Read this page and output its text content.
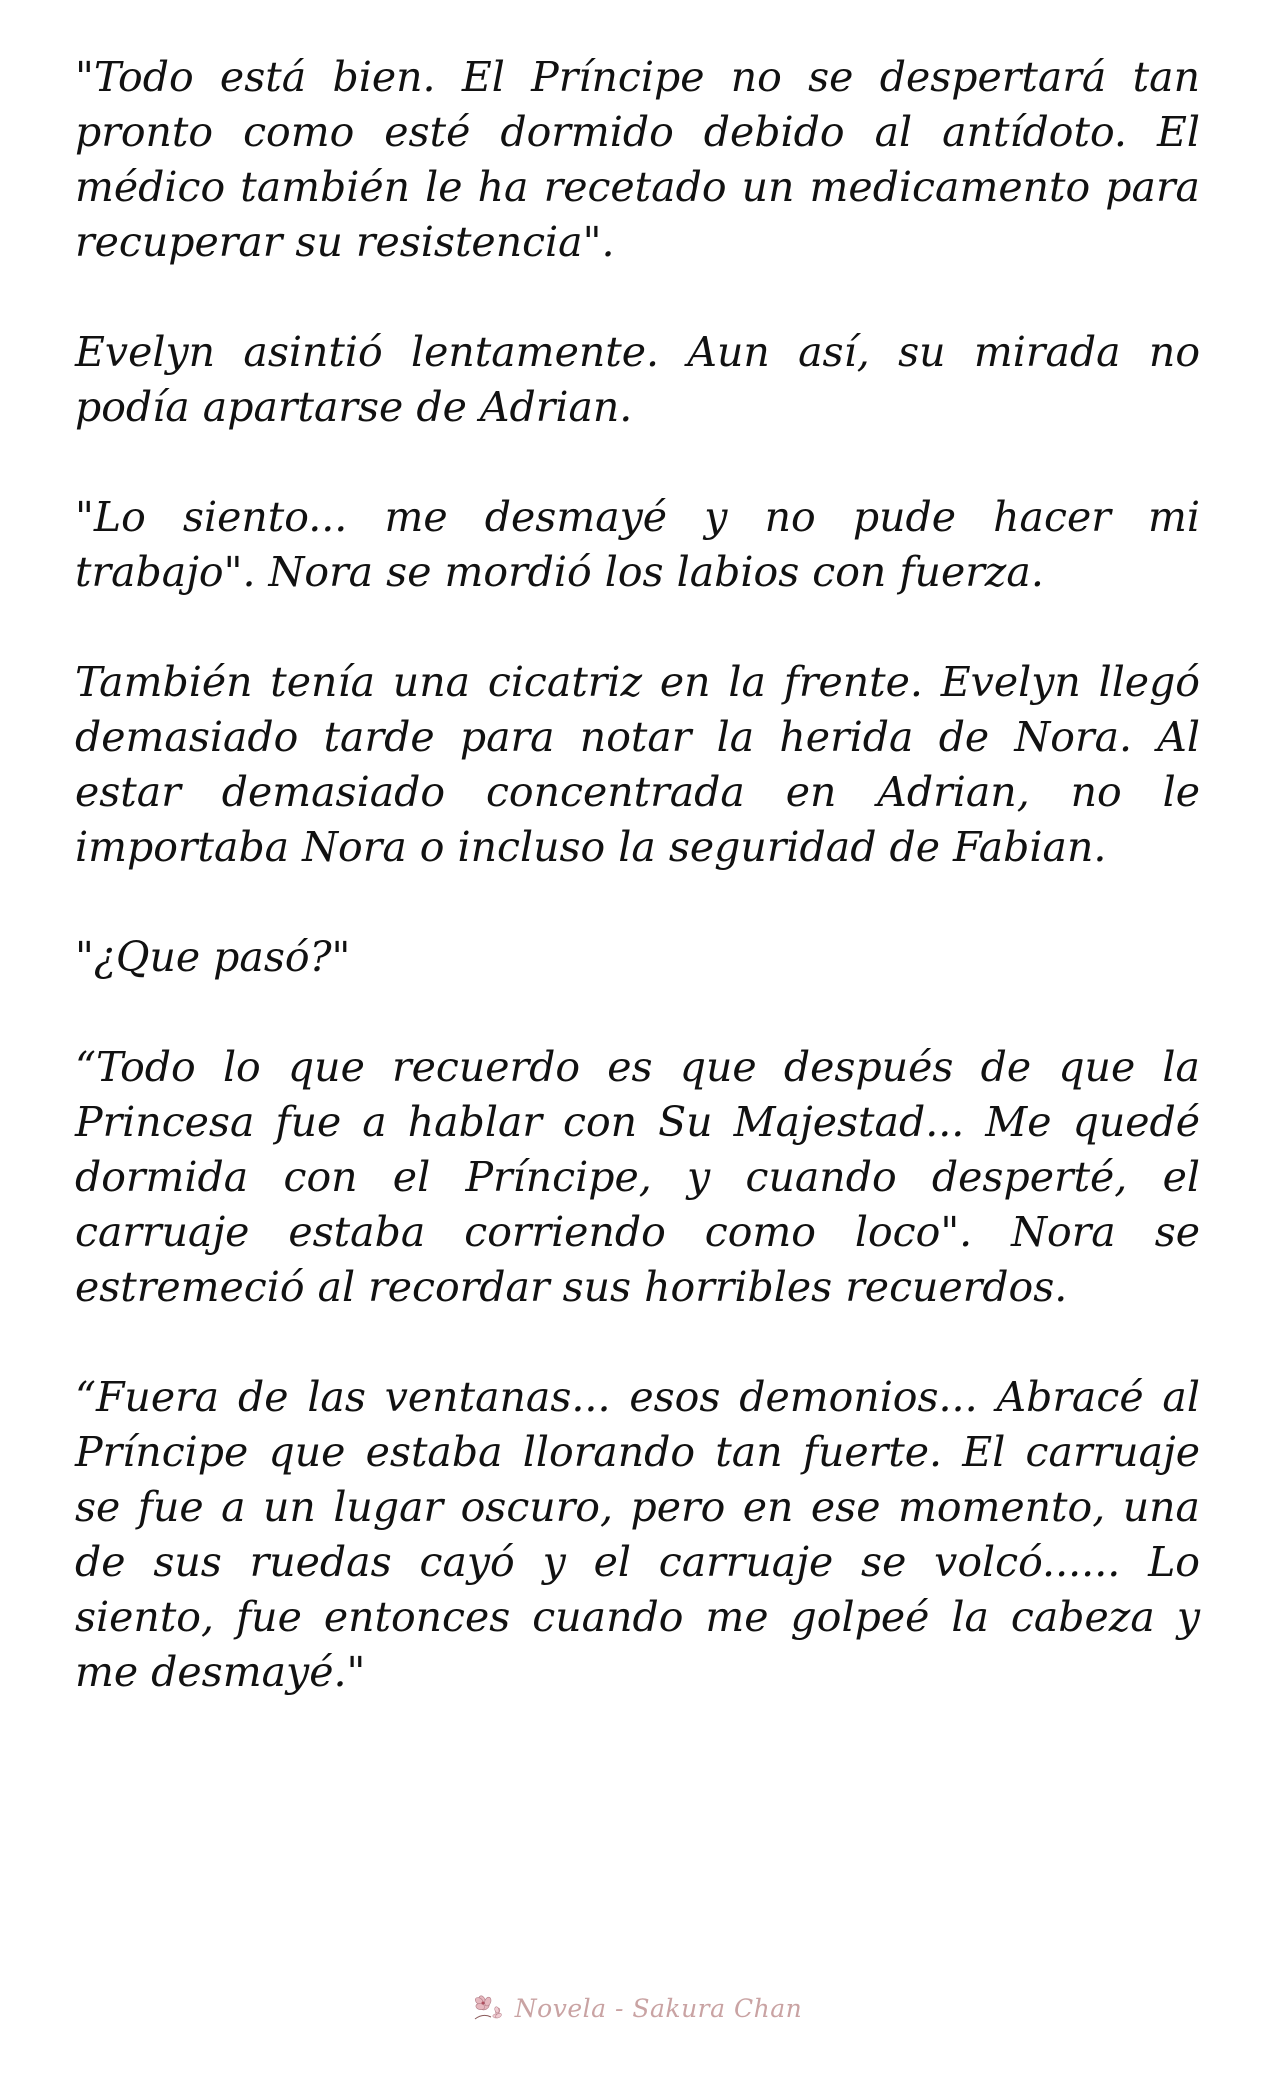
"Todo está bien. El Príncipe no se despertará tan pronto como esté dormido debido al antídoto. El médico también le ha recetado un medicamento para recuperar su resistencia".

Evelyn asintió lentamente. Aun así, su mirada no podía apartarse de Adrian.

"Lo siento... me desmayé y no pude hacer mi trabajo". Nora se mordió los labios con fuerza.

También tenía una cicatriz en la frente. Evelyn llegó demasiado tarde para notar la herida de Nora. Al estar demasiado concentrada en Adrian, no le importaba Nora o incluso la seguridad de Fabian.

"¿Que pasó?"

“Todo lo que recuerdo es que después de que la Princesa fue a hablar con Su Majestad... Me quedé dormida con el Príncipe, y cuando desperté, el carruaje estaba corriendo como loco". Nora se estremeció al recordar sus horribles recuerdos.

“Fuera de las ventanas... esos demonios... Abracé al Príncipe que estaba llorando tan fuerte. El carruaje se fue a un lugar oscuro, pero en ese momento, una de sus ruedas cayó y el carruaje se volcó...... Lo siento, fue entonces cuando me golpeé la cabeza y me desmayé."

Novela - Sakura Chan
